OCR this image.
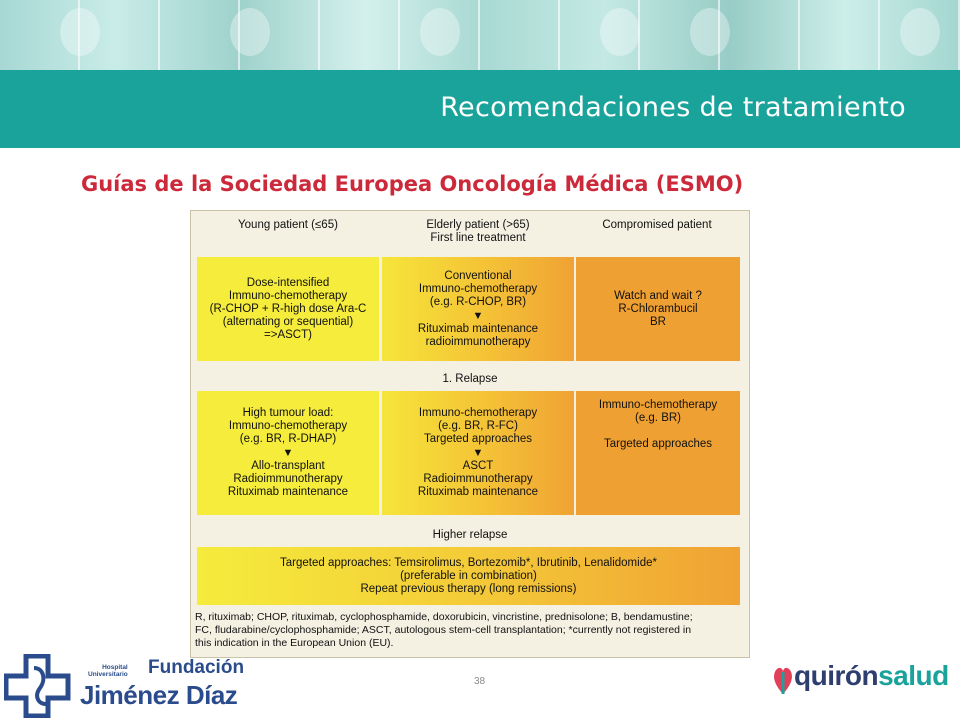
Recomendaciones de tratamiento
Guías de la Sociedad Europea Oncología Médica (ESMO)
Young patient (≤65)	Elderly patient (>65)
First line treatment
Compromised patient
Dose-intensified
Immuno-chemotherapy
(R-CHOP + R-high dose Ara-C
(alternating or sequential)
=>ASCT)
Conventional
Immuno-chemotherapy
(e.g. R-CHOP, BR)
▼
Rituximab maintenance
radioimmunotherapy
Watch and wait ?
R-Chlorambucil
BR
1. Relapse
High tumour load:
Immuno-chemotherapy
(e.g. BR, R-DHAP)
▼
Allo-transplant
Radioimmunotherapy
Rituximab maintenance
Immuno-chemotherapy
(e.g. BR, R-FC)
Targeted approaches
▼
ASCT
Radioimmunotherapy
Rituximab maintenance
Immuno-chemotherapy
(e.g. BR)
Targeted approaches
Higher relapse
Targeted approaches: Temsirolimus, Bortezomib*, Ibrutinib, Lenalidomide*
(preferable in combination)
Repeat previous therapy (long remissions)
R, rituximab; CHOP, rituximab, cyclophosphamide, doxorubicin, vincristine, prednisolone; B, bendamustine;
FC, fludarabine/cyclophosphamide; ASCT, autologous stem-cell transplantation; *currently not registered in
this indication in the European Union (EU).
38
Hospital
Universitario Fundación
Jiménez Díaz
quirónsalud
